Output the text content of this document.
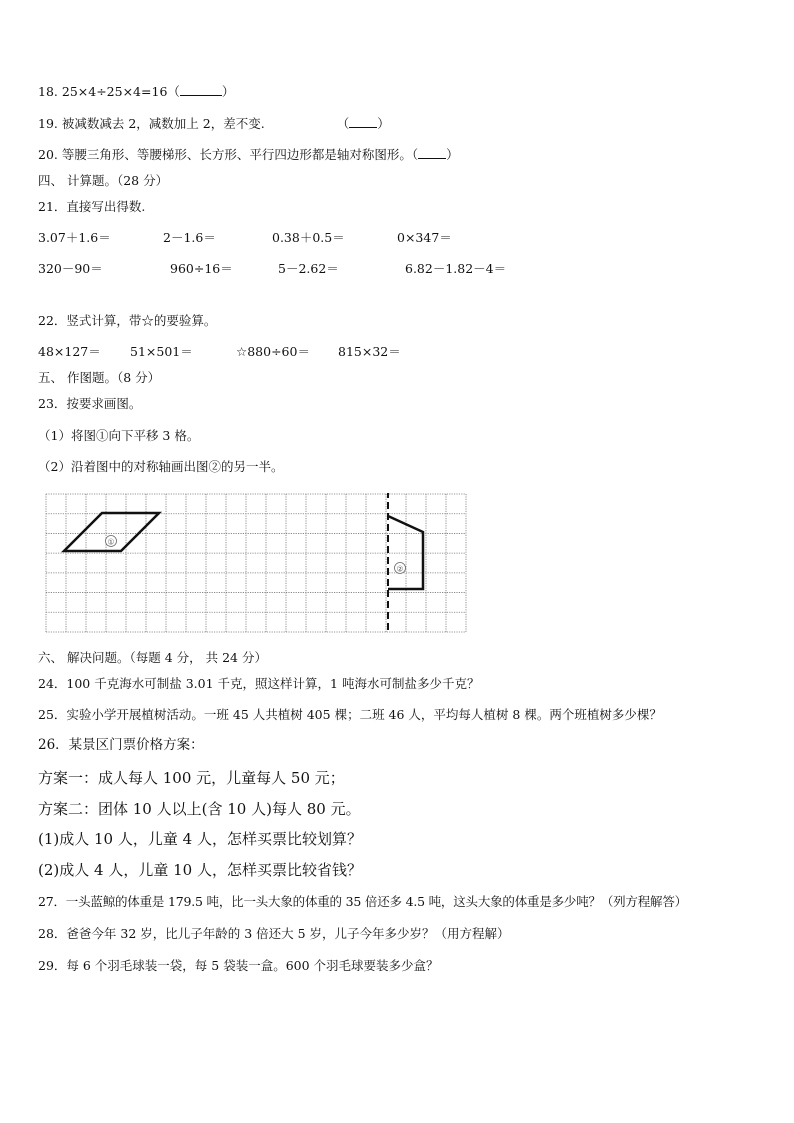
18. 25×4÷25×4=16（	）
19. 被减数减去 2，减数加上 2，差不变.	（ ）
20. 等腰三角形、等腰梯形、长方形、平行四边形都是轴对称图形。（ ）
四、 计算题。（28 分）
21．直接写出得数.
3.07＋1.6＝	2－1.6＝	0.38＋0.5＝	0×347＝
320－90＝	960÷16＝	5－2.62＝	6.82－1.82－4＝
22．竖式计算，带☆的要验算。
48×127＝ 51×501＝	☆880÷60＝ 815×32＝
五、 作图题。（8 分）
23．按要求画图。
（1）将图①向下平移 3 格。
（2）沿着图中的对称轴画出图②的另一半。
①
②
六、 解决问题。（每题 4 分， 共 24 分）
24．100 千克海水可制盐 3.01 千克，照这样计算，1 吨海水可制盐多少千克？
25．实验小学开展植树活动。一班 45 人共植树 405 棵；二班 46 人，平均每人植树 8 棵。两个班植树多少棵？
26．某景区门票价格方案：
方案一：成人每人 100 元，儿童每人 50 元；
方案二：团体 10 人以上(含 10 人)每人 80 元。
(1)成人 10 人，儿童 4 人，怎样买票比较划算？
(2)成人 4 人，儿童 10 人，怎样买票比较省钱？
27．一头蓝鲸的体重是 179.5 吨，比一头大象的体重的 35 倍还多 4.5 吨，这头大象的体重是多少吨？（列方程解答）
28．爸爸今年 32 岁，比儿子年龄的 3 倍还大 5 岁，儿子今年多少岁？（用方程解）
29．每 6 个羽毛球装一袋，每 5 袋装一盒。600 个羽毛球要装多少盒？
